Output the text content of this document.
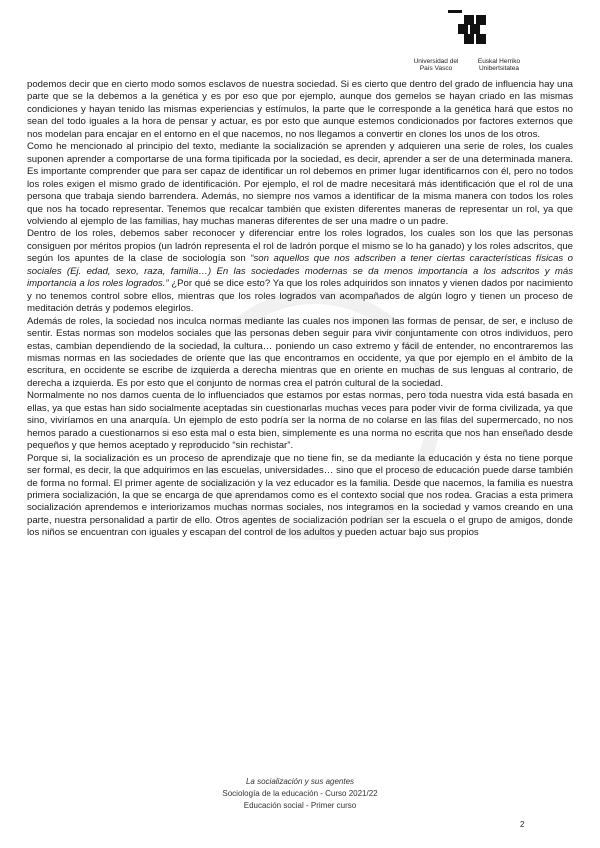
Universidad del País Vasco
Euskal Herriko Unibertsitatea

podemos decir que en cierto modo somos esclavos de nuestra sociedad. Si es cierto que dentro del grado de influencia hay una parte que se la debemos a la genética y es por eso que por ejemplo, aunque dos gemelos se hayan criado en las mismas condiciones y hayan tenido las mismas experiencias y estímulos, la parte que le corresponde a la genética hará que estos no sean del todo iguales a la hora de pensar y actuar, es por esto que aunque estemos condicionados por factores externos que nos modelan para encajar en el entorno en el que nacemos, no nos llegamos a convertir en clones los unos de los otros.

Como he mencionado al principio del texto, mediante la socialización se aprenden y adquieren una serie de roles, los cuales suponen aprender a comportarse de una forma tipificada por la sociedad, es decir, aprender a ser de una determinada manera. Es importante comprender que para ser capaz de identificar un rol debemos en primer lugar identificarnos con él, pero no todos los roles exigen el mismo grado de identificación. Por ejemplo, el rol de madre necesitará más identificación que el rol de una persona que trabaja siendo barrendera. Además, no siempre nos vamos a identificar de la misma manera con todos los roles que nos ha tocado representar. Tenemos que recalcar también que existen diferentes maneras de representar un rol, ya que volviendo al ejemplo de las familias, hay muchas maneras diferentes de ser una madre o un padre.

Dentro de los roles, debemos saber reconocer y diferenciar entre los roles logrados, los cuales son los que las personas consiguen por méritos propios (un ladrón representa el rol de ladrón porque el mismo se lo ha ganado) y los roles adscritos, que según los apuntes de la clase de sociología son “son aquellos que nos adscriben a tener ciertas características físicas o sociales (Ej. edad, sexo, raza, familia…) En las sociedades modernas se da menos importancia a los adscritos y más importancia a los roles logrados.” ¿Por qué se dice esto? Ya que los roles adquiridos son innatos y vienen dados por nacimiento y no tenemos control sobre ellos, mientras que los roles logrados van acompañados de algún logro y tienen un proceso de meditación detrás y podemos elegirlos.

Además de roles, la sociedad nos inculca normas mediante las cuales nos imponen las formas de pensar, de ser, e incluso de sentir. Estas normas son modelos sociales que las personas deben seguir para vivir conjuntamente con otros individuos, pero estas, cambian dependiendo de la sociedad, la cultura… poniendo un caso extremo y fácil de entender, no encontraremos las mismas normas en las sociedades de oriente que las que encontramos en occidente, ya que por ejemplo en el ámbito de la escritura, en occidente se escribe de izquierda a derecha mientras que en oriente en muchas de sus lenguas al contrario, de derecha a izquierda. Es por esto que el conjunto de normas crea el patrón cultural de la sociedad.

Normalmente no nos damos cuenta de lo influenciados que estamos por estas normas, pero toda nuestra vida está basada en ellas, ya que estas han sido socialmente aceptadas sin cuestionarlas muchas veces para poder vivir de forma civilizada, ya que sino, viviríamos en una anarquía. Un ejemplo de esto podría ser la norma de no colarse en las filas del supermercado, no nos hemos parado a cuestionarnos si eso esta mal o esta bien, simplemente es una norma no escrita que nos han enseñado desde pequeños y que hemos aceptado y reproducido “sin rechistar”.

Porque si, la socialización es un proceso de aprendizaje que no tiene fin, se da mediante la educación y ésta no tiene porque ser formal, es decir, la que adquirimos en las escuelas, universidades… sino que el proceso de educación puede darse también de forma no formal. El primer agente de socialización y la vez educador es la familia. Desde que nacemos, la familia es nuestra primera socialización, la que se encarga de que aprendamos como es el contexto social que nos rodea. Gracias a esta primera socialización aprendemos e interiorizamos muchas normas sociales, nos integramos en la sociedad y vamos creando en una parte, nuestra personalidad a partir de ello. Otros agentes de socialización podrían ser la escuela o el grupo de amigos, donde los niños se encuentran con iguales y escapan del control de los adultos y pueden actuar bajo sus propios

La socialización y sus agentes
Sociología de la educación - Curso 2021/22
Educación social - Primer curso
2
